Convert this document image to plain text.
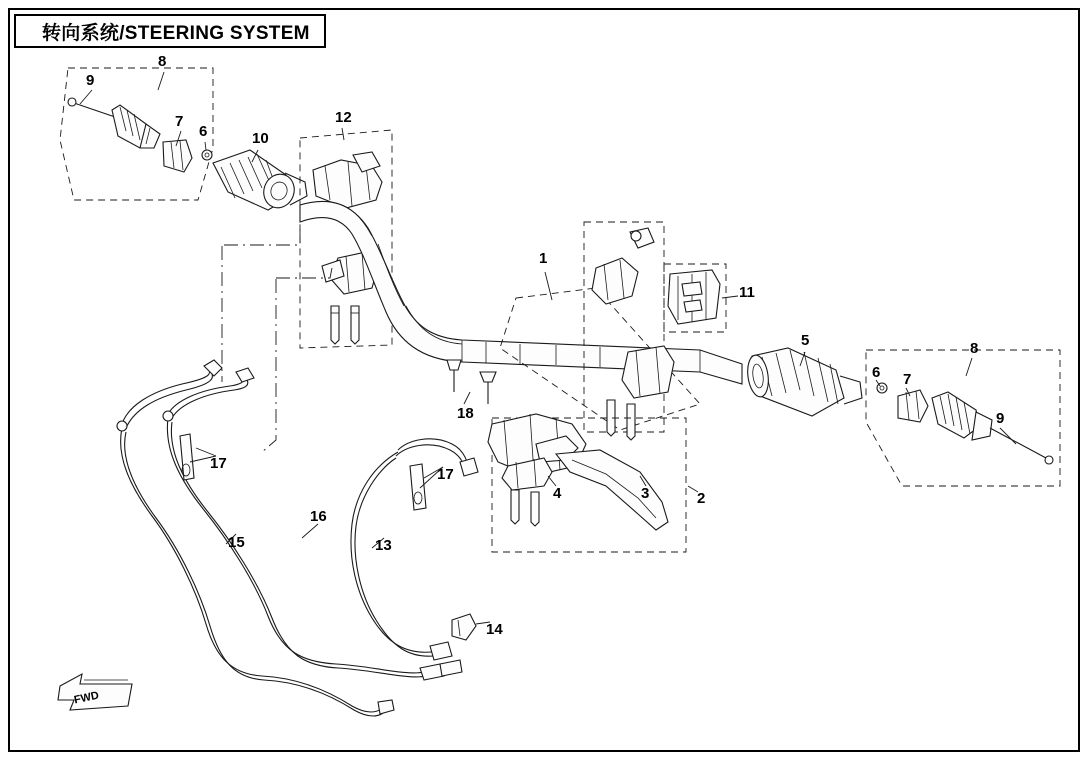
转向系统/STEERING SYSTEM
1
2
3
4
5
6
7
8
9
10
11
12
13
14
15
16
17
17
18
6 7
8
9
FWD
